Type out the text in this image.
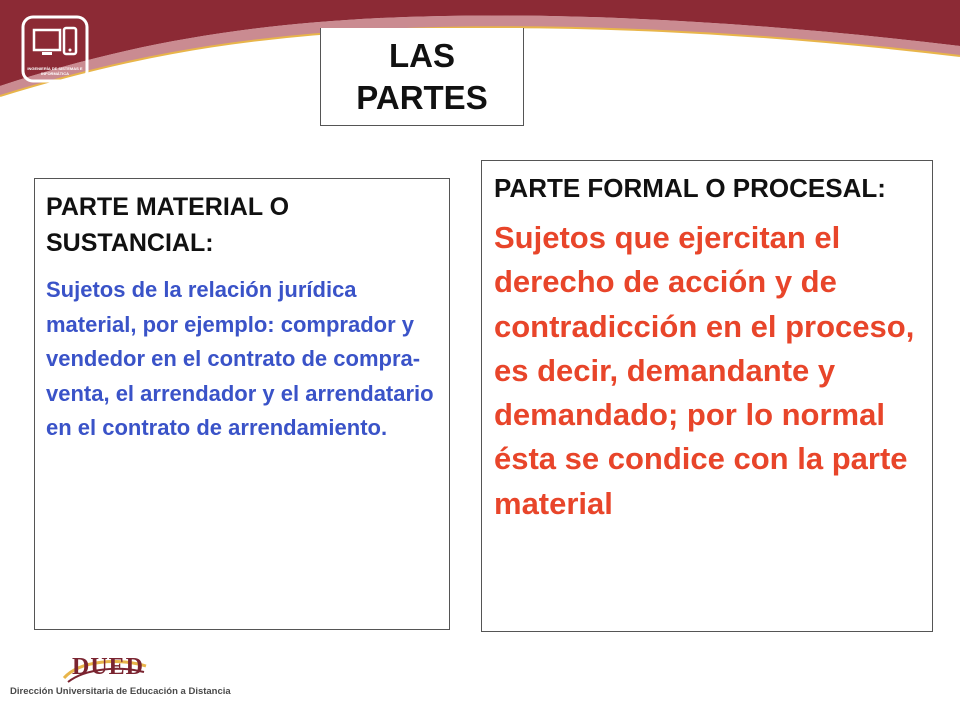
INGENIERÍA DE SISTEMAS E INFORMÁTICA	LAS
PARTES

PARTE MATERIAL O SUSTANCIAL:

Sujetos de la relación jurídica material, por ejemplo: comprador y vendedor en el contrato de compra-venta, el arrendador y el arrendatario en el contrato de arrendamiento.

PARTE FORMAL O PROCESAL:

Sujetos que ejercitan el derecho de acción y de contradicción en el proceso, es decir, demandante y demandado; por lo normal ésta se condice con la parte material

DUED
Dirección Universitaria de Educación a Distancia
